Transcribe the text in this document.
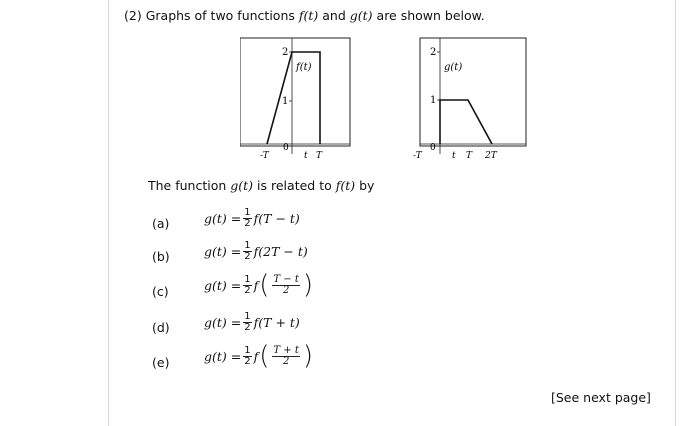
(2) Graphs of two functions f(t) and g(t) are shown below.
2
1
f(t)
-T
0
t T
2
1
g(t)
-T
0
t T 2T
The function g(t) is related to f(t) by
(a)	$g(t) = \frac{1}{2}$ f (T − t)
(b)	$g(t) = \frac{1}{2}$ f (2T − t)
(c)	$g(t) = \frac{1}{2}$ f ( $\frac{T - t}{2}$ )
(d)	$g(t) = \frac{1}{2}$ f (T + t)
(e)	$g(t) = \frac{1}{2}$ f ( $\frac{T + t}{2}$ )
[See next page]
